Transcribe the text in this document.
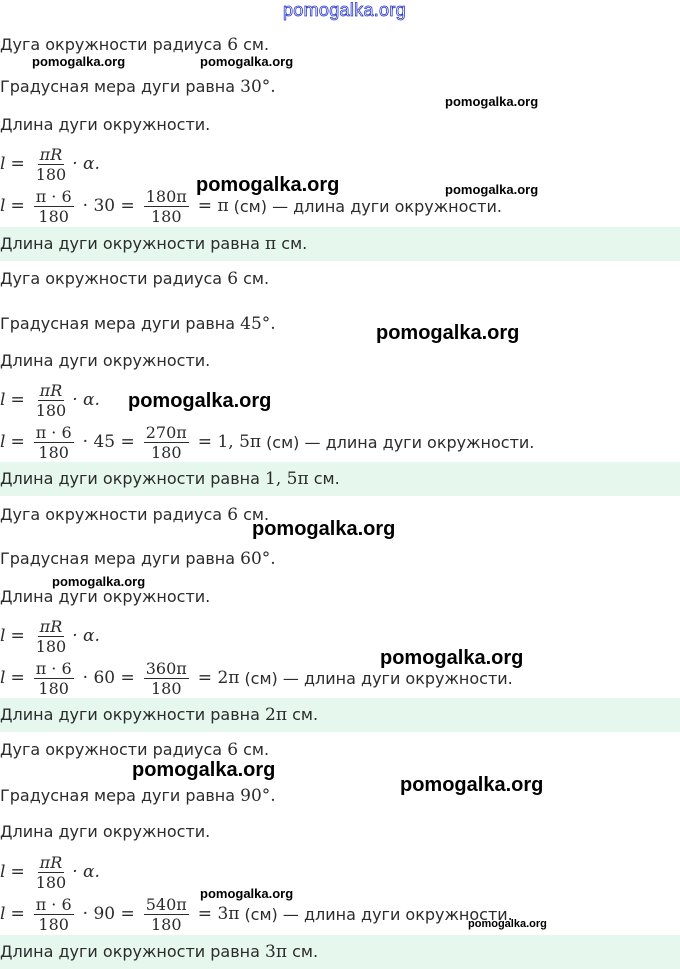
pomogalka.org
Дуга окружности радиуса 6 см.
Градусная мера дуги равна 30°.
Длина дуги окружности.
$l = \frac{\pi R}{180} \cdot \alpha$.
$l = \frac{\pi \cdot 6}{180} \cdot 30 = \frac{180\pi}{180} = \pi$ (см) — длина дуги окружности.
Длина дуги окружности равна π см.
Дуга окружности радиуса 6 см.
Градусная мера дуги равна 45°.
Длина дуги окружности.
$l = \frac{\pi R}{180} \cdot \alpha$.
$l = \frac{\pi \cdot 6}{180} \cdot 45 = \frac{270\pi}{180} = 1$, 5π (см) — длина дуги окружности.
Длина дуги окружности равна 1, 5π см.
Дуга окружности радиуса 6 см.
Градусная мера дуги равна 60°.
Длина дуги окружности.
$l = \frac{\pi R}{180} \cdot \alpha$.
$l = \frac{\pi \cdot 6}{180} \cdot 60 = \frac{360\pi}{180} = 2\pi$ (см) — длина дуги окружности.
Длина дуги окружности равна 2π см.
Дуга окружности радиуса 6 см.
Градусная мера дуги равна 90°.
Длина дуги окружности.
$l = \frac{\pi R}{180} \cdot \alpha$.
$l = \frac{\pi \cdot 6}{180} \cdot 90 = \frac{540\pi}{180} = 3\pi$ (см) — длина дуги окружности.
Длина дуги окружности равна 3π см.
pomogalka.org	pomogalka.org
pomogalka.org
pomogalka.org	pomogalka.org
pomogalka.org
pomogalka.org
pomogalka.org
pomogalka.org
pomogalka.org
pomogalka.org
pomogalka.org
pomogalka.org
pomogalka.org
